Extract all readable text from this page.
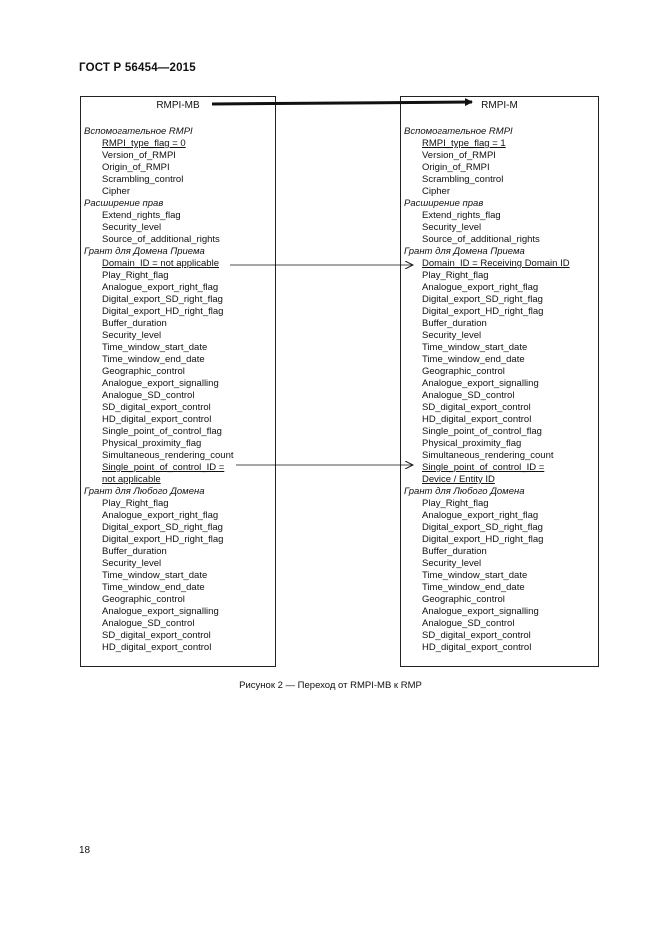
ГОСТ Р 56454—2015
RMPI-MB
Вспомогательное RMPI
RMPI_type_flag = 0
Version_of_RMPI
Origin_of_RMPI
Scrambling_control
Cipher
Расширение прав
Extend_rights_flag
Security_level
Source_of_additional_rights
Грант для Домена Приема
Domain_ID = not applicable
Play_Right_flag
Analogue_export_right_flag
Digital_export_SD_right_flag
Digital_export_HD_right_flag
Buffer_duration
Security_level
Time_window_start_date
Time_window_end_date
Geographic_control
Analogue_export_signalling
Analogue_SD_control
SD_digital_export_control
HD_digital_export_control
Single_point_of_control_flag
Physical_proximity_flag
Simultaneous_rendering_count
Single_point_of_control_ID =
not applicable
Грант для Любого Домена
Play_Right_flag
Analogue_export_right_flag
Digital_export_SD_right_flag
Digital_export_HD_right_flag
Buffer_duration
Security_level
Time_window_start_date
Time_window_end_date
Geographic_control
Analogue_export_signalling
Analogue_SD_control
SD_digital_export_control
HD_digital_export_control
RMPI-M
Вспомогательное RMPI
RMPI_type_flag = 1
Version_of_RMPI
Origin_of_RMPI
Scrambling_control
Cipher
Расширение прав
Extend_rights_flag
Security_level
Source_of_additional_rights
Грант для Домена Приема
Domain_ID = Receiving Domain ID
Play_Right_flag
Analogue_export_right_flag
Digital_export_SD_right_flag
Digital_export_HD_right_flag
Buffer_duration
Security_level
Time_window_start_date
Time_window_end_date
Geographic_control
Analogue_export_signalling
Analogue_SD_control
SD_digital_export_control
HD_digital_export_control
Single_point_of_control_flag
Physical_proximity_flag
Simultaneous_rendering_count
Single_point_of_control_ID =
Device / Entity ID
Грант для Любого Домена
Play_Right_flag
Analogue_export_right_flag
Digital_export_SD_right_flag
Digital_export_HD_right_flag
Buffer_duration
Security_level
Time_window_start_date
Time_window_end_date
Geographic_control
Analogue_export_signalling
Analogue_SD_control
SD_digital_export_control
HD_digital_export_control
Рисунок 2 — Переход от RMPI-MB к RMP
18
